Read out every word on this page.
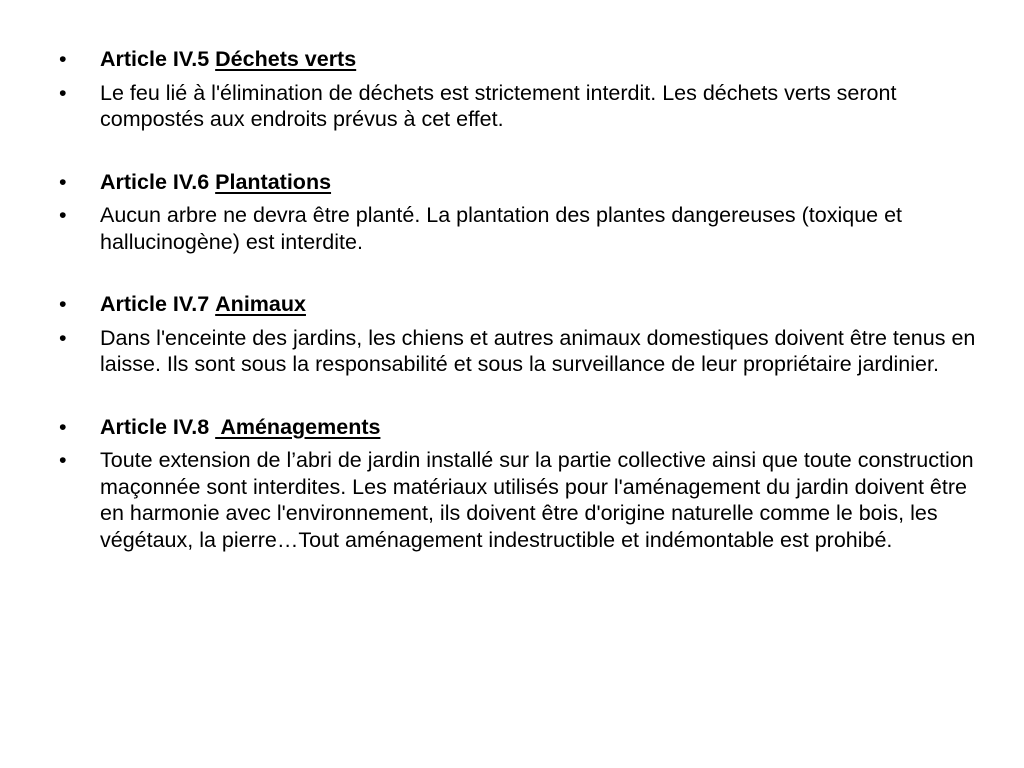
• Article IV.5 Déchets verts
• Le feu lié à l'élimination de déchets est strictement interdit. Les déchets verts seront compostés aux endroits prévus à cet effet.
• Article IV.6 Plantations
• Aucun arbre ne devra être planté. La plantation des plantes dangereuses (toxique et hallucinogène) est interdite.
• Article IV.7 Animaux
• Dans l'enceinte des jardins, les chiens et autres animaux domestiques doivent être tenus en laisse. Ils sont sous la responsabilité et sous la surveillance de leur propriétaire jardinier.
• Article IV.8  Aménagements
• Toute extension de l’abri de jardin installé sur la partie collective ainsi que toute construction maçonnée sont interdites. Les matériaux utilisés pour l'aménagement du jardin doivent être en harmonie avec l'environnement, ils doivent être d'origine naturelle comme le bois, les végétaux, la pierre…Tout aménagement indestructible et indémontable est prohibé.
